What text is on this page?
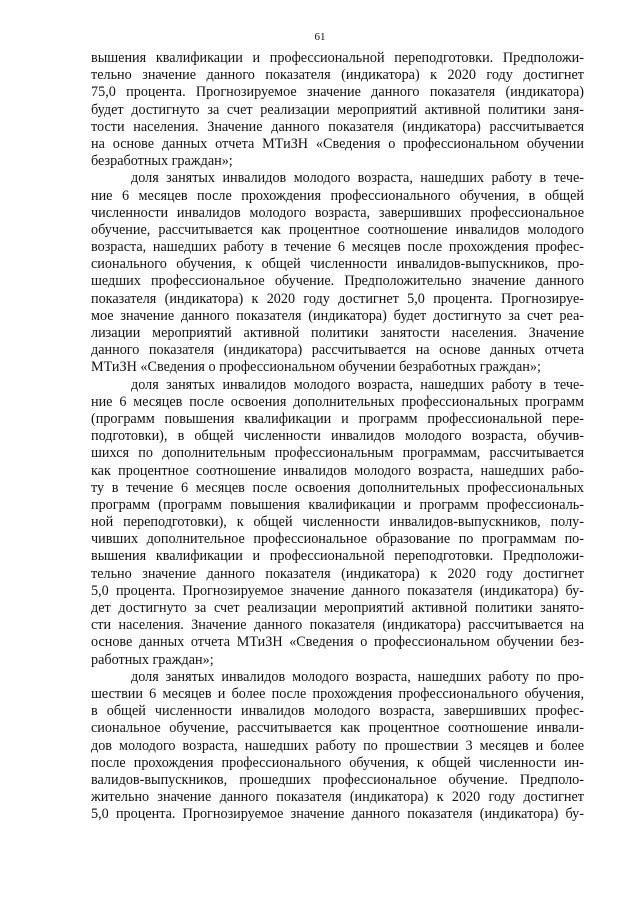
61
вышения квалификации и профессиональной переподготовки. Предположи-
тельно значение данного показателя (индикатора) к 2020 году достигнет
75,0 процента. Прогнозируемое значение данного показателя (индикатора)
будет достигнуто за счет реализации мероприятий активной политики заня-
тости населения. Значение данного показателя (индикатора) рассчитывается
на основе данных отчета МТиЗН «Сведения о профессиональном обучении
безработных граждан»;
доля занятых инвалидов молодого возраста, нашедших работу в тече-
ние 6 месяцев после прохождения профессионального обучения, в общей
численности инвалидов молодого возраста, завершивших профессиональное
обучение, рассчитывается как процентное соотношение инвалидов молодого
возраста, нашедших работу в течение 6 месяцев после прохождения профес-
сионального обучения, к общей численности инвалидов-выпускников, про-
шедших профессиональное обучение. Предположительно значение данного
показателя (индикатора) к 2020 году достигнет 5,0 процента. Прогнозируе-
мое значение данного показателя (индикатора) будет достигнуто за счет реа-
лизации мероприятий активной политики занятости населения. Значение
данного показателя (индикатора) рассчитывается на основе данных отчета
МТиЗН «Сведения о профессиональном обучении безработных граждан»;
доля занятых инвалидов молодого возраста, нашедших работу в тече-
ние 6 месяцев после освоения дополнительных профессиональных программ
(программ повышения квалификации и программ профессиональной пере-
подготовки), в общей численности инвалидов молодого возраста, обучив-
шихся по дополнительным профессиональным программам, рассчитывается
как процентное соотношение инвалидов молодого возраста, нашедших рабо-
ту в течение 6 месяцев после освоения дополнительных профессиональных
программ (программ повышения квалификации и программ профессиональ-
ной переподготовки), к общей численности инвалидов-выпускников, полу-
чивших дополнительное профессиональное образование по программам по-
вышения квалификации и профессиональной переподготовки. Предположи-
тельно значение данного показателя (индикатора) к 2020 году достигнет
5,0 процента. Прогнозируемое значение данного показателя (индикатора) бу-
дет достигнуто за счет реализации мероприятий активной политики занято-
сти населения. Значение данного показателя (индикатора) рассчитывается на
основе данных отчета МТиЗН «Сведения о профессиональном обучении без-
работных граждан»;
доля занятых инвалидов молодого возраста, нашедших работу по про-
шествии 6 месяцев и более после прохождения профессионального обучения,
в общей численности инвалидов молодого возраста, завершивших профес-
сиональное обучение, рассчитывается как процентное соотношение инвали-
дов молодого возраста, нашедших работу по прошествии 3 месяцев и более
после прохождения профессионального обучения, к общей численности ин-
валидов-выпускников, прошедших профессиональное обучение. Предполо-
жительно значение данного показателя (индикатора) к 2020 году достигнет
5,0 процента. Прогнозируемое значение данного показателя (индикатора) бу-
